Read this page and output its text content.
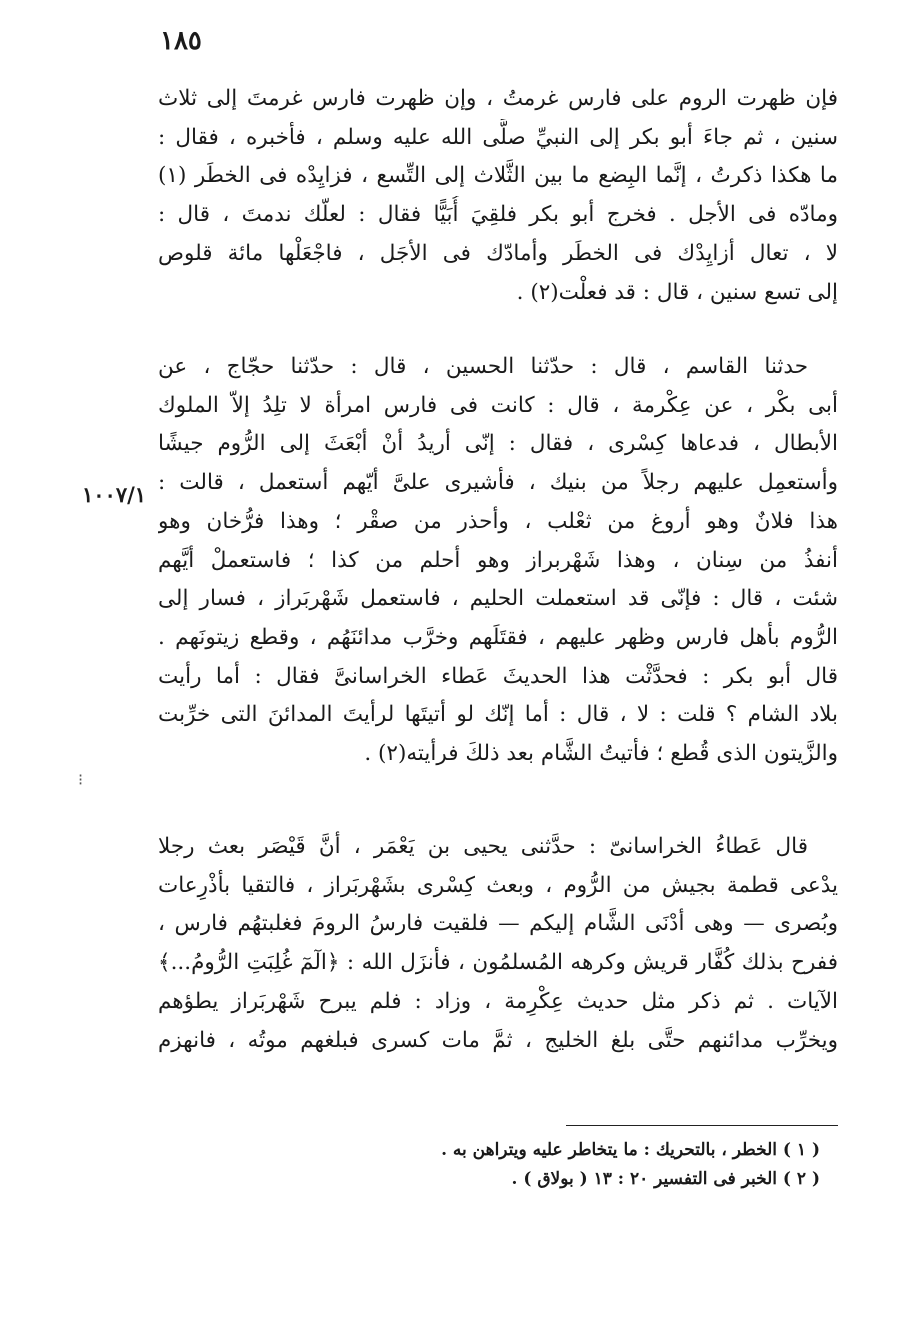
١٨٥

فإن ظهرت الروم على فارس غرمتُ ، وإن ظهرت فارس غرمتَ إلى ثلاث
سنين ، ثم جاءَ أبو بكر إلى النبيِّ صلَّى الله عليه وسلم ، فأخبره ، فقال :
ما هكذا ذكرتُ ، إنَّما البِضع ما بين الثَّلاث إلى التِّسع ، فزايِدْه فى الخطَر (١)
ومادّه فى الأجل . فخرج أبو بكر فلقِيَ أُبَيًّا فقال : لعلّك ندمتَ ، قال :
لا ، تعال أزايِدْك فى الخطَر وأمادّك فى الأجَل ، فاجْعَلْها مائة قلوص
إلى تسع سنين ، قال : قد فعلْت(٢) .

حدثنا القاسم ، قال : حدّثنا الحسين ، قال : حدّثنا حجّاج ، عن
أبى بكْر ، عن عِكْرمة ، قال : كانت فى فارس امرأة لا تلِدُ إلاّ الملوك
الأبطال ، فدعاها كِسْرى ، فقال : إنّى أريدُ أنْ أبْعَثَ إلى الرُّوم جيشًا
وأستعمِل عليهم رجلاً من بنيك ، فأشيرى علىَّ أيّهم أستعمل ، قالت :
هذا فلانٌ وهو أروغ من ثعْلب ، وأحذر من صقْر ؛ وهذا فرُّخان وهو
أنفذُ من سِنان ، وهذا شَهْربراز وهو أحلم من كذا ؛ فاستعملْ أيَّهم
شئت ، قال : فإنّى قد استعملت الحليم ، فاستعمل شَهْربَراز ، فسار إلى
الرُّوم بأهل فارس وظهر عليهم ، فقتَلَهم وخرَّب مدائنَهُم ، وقطع زيتونَهم .
قال أبو بكر : فحدَّثْت هذا الحديثَ عَطاء الخراسانىَّ فقال : أما رأيت
بلاد الشام ؟ قلت : لا ، قال : أما إنّك لو أتيتَها لرأيتَ المدائنَ التى خرِّبت
والزَّيتون الذى قُطع ؛ فأتيتُ الشَّام بعد ذلكَ فرأيته(٢) .

١٠٠٧/١
⁝

قال عَطاءُ الخراسانىّ : حدَّثنى يحيى بن يَعْمَر ، أنَّ قَيْصَر بعث رجلا
يدْعى قطمة بجيش من الرُّوم ، وبعث كِسْرى بشَهْربَراز ، فالتقيا بأذْرِعات
وبُصرى — وهى أدْنَى الشَّام إليكم — فلقيت فارسُ الرومَ فغلبتهُم فارس ،
ففرح بذلك كُفَّار قريش وكرهه المُسلمُون ، فأنزَل الله : ﴿الٓمٓ غُلِبَتِ الرُّومُ...﴾
الآيات . ثم ذكر مثل حديث عِكْرِمة ، وزاد : فلم يبرح شَهْربَراز يطؤهم
ويخرِّب مدائنهم حتَّى بلغ الخليج ، ثمَّ مات كسرى فبلغهم موتُه ، فانهزم

( ١ ) الخطر ، بالتحريك : ما يتخاطر عليه ويتراهن به .
( ٢ ) الخبر فى التفسير ٢٠ : ١٣ ( بولاق ) .
